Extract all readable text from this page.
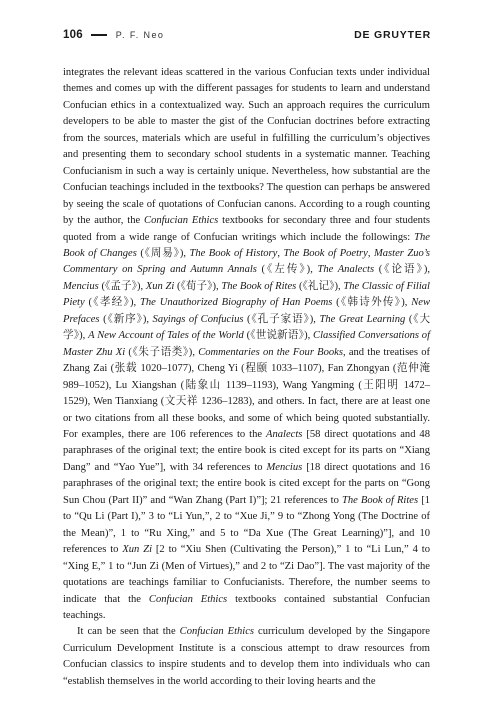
106	P. F. Neo	DE GRUYTER

integrates the relevant ideas scattered in the various Confucian texts under individual themes and comes up with the different passages for students to learn and understand Confucian ethics in a contextualized way. Such an approach requires the curriculum developers to be able to master the gist of the Confucian doctrines before extracting from the sources, materials which are useful in fulfilling the curriculum’s objectives and presenting them to secondary school students in a systematic manner. Teaching Confucianism in such a way is certainly unique. Nevertheless, how substantial are the Confucian teachings included in the textbooks? The question can perhaps be answered by seeing the scale of quotations of Confucian canons. According to a rough counting by the author, the Confucian Ethics textbooks for secondary three and four students quoted from a wide range of Confucian writings which include the followings: The Book of Changes (《周易》), The Book of History, The Book of Poetry, Master Zuo’s Commentary on Spring and Autumn Annals (《左传》), The Analects (《论语》), Mencius (《孟子》), Xun Zi (《荀子》), The Book of Rites (《礼记》), The Classic of Filial Piety (《孝经》), The Unauthorized Biography of Han Poems (《韩诗外传》), New Prefaces (《新序》), Sayings of Confucius (《孔子家语》), The Great Learning (《大学》), A New Account of Tales of the World (《世说新语》), Classified Conversations of Master Zhu Xi (《朱子语类》), Commentaries on the Four Books, and the treatises of Zhang Zai (张载 1020–1077), Cheng Yi (程颐 1033–1107), Fan Zhongyan (范仲淹 989–1052), Lu Xiangshan (陆象山 1139–1193), Wang Yangming (王阳明 1472–1529), Wen Tianxiang (文天祥 1236–1283), and others. In fact, there are at least one or two citations from all these books, and some of which being quoted substantially. For examples, there are 106 references to the Analects [58 direct quotations and 48 paraphrases of the original text; the entire book is cited except for its parts on “Xiang Dang” and “Yao Yue”], with 34 references to Mencius [18 direct quotations and 16 paraphrases of the original text; the entire book is cited except for the parts on “Gong Sun Chou (Part II)” and “Wan Zhang (Part I)”]; 21 references to The Book of Rites [1 to “Qu Li (Part I),” 3 to “Li Yun,”, 2 to “Xue Ji,” 9 to “Zhong Yong (The Doctrine of the Mean)”, 1 to “Ru Xing,” and 5 to “Da Xue (The Great Learning)”], and 10 references to Xun Zi [2 to “Xiu Shen (Cultivating the Person),” 1 to “Li Lun,” 4 to “Xing E,” 1 to “Jun Zi (Men of Virtues),” and 2 to “Zi Dao”]. The vast majority of the quotations are teachings familiar to Confucianists. Therefore, the number seems to indicate that the Confucian Ethics textbooks contained substantial Confucian teachings.

It can be seen that the Confucian Ethics curriculum developed by the Singapore Curriculum Development Institute is a conscious attempt to draw resources from Confucian classics to inspire students and to develop them into individuals who can “establish themselves in the world according to their loving hearts and the
